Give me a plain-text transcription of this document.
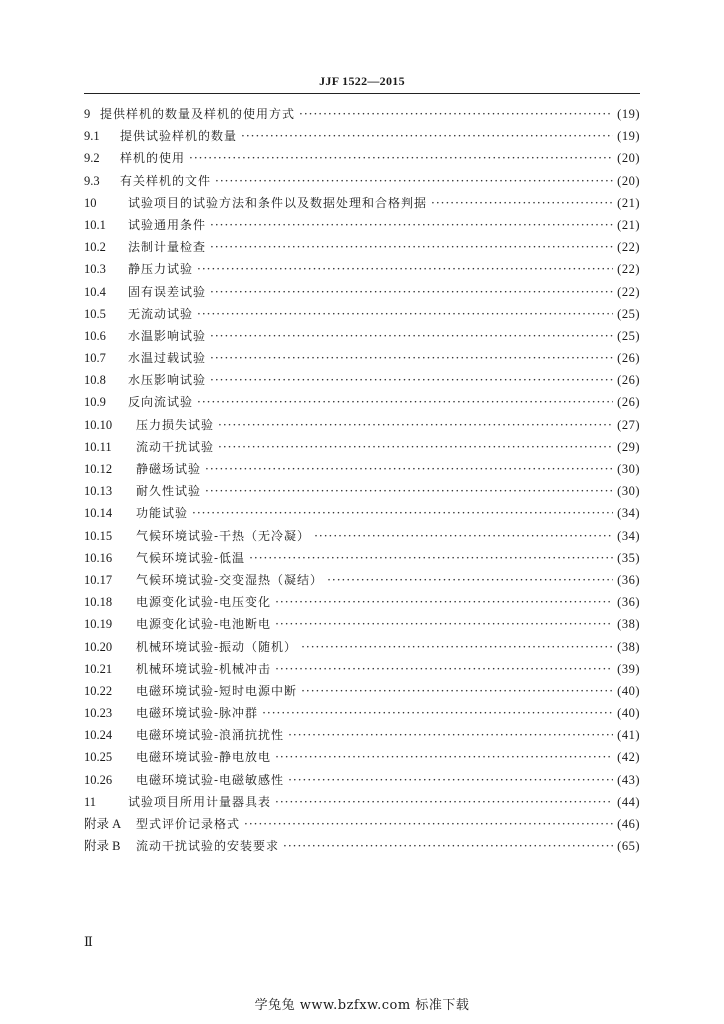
JJF 1522—2015
9 提供样机的数量及样机的使用方式 ·····	(19)
9.1	提供试验样机的数量 ·····	(19)
9.2	样机的使用 ·····	(20)
9.3	有关样机的文件 ·····	(20)
10	试验项目的试验方法和条件以及数据处理和合格判据 ·····	(21)
10.1	试验通用条件 ·····	(21)
10.2	法制计量检查 ·····	(22)
10.3	静压力试验 ·····	(22)
10.4	固有误差试验 ·····	(22)
10.5	无流动试验 ·····	(25)
10.6	水温影响试验 ·····	(25)
10.7	水温过载试验 ·····	(26)
10.8	水压影响试验 ·····	(26)
10.9	反向流试验 ·····	(26)
10.10	压力损失试验 ·····	(27)
10.11	流动干扰试验 ·····	(29)
10.12	静磁场试验 ·····	(30)
10.13	耐久性试验 ·····	(30)
10.14	功能试验 ·····	(34)
10.15	气候环境试验-干热（无冷凝） ·····	(34)
10.16	气候环境试验-低温 ·····	(35)
10.17	气候环境试验-交变湿热（凝结） ·····	(36)
10.18	电源变化试验-电压变化 ·····	(36)
10.19	电源变化试验-电池断电 ·····	(38)
10.20	机械环境试验-振动（随机） ·····	(38)
10.21	机械环境试验-机械冲击 ·····	(39)
10.22	电磁环境试验-短时电源中断 ·····	(40)
10.23	电磁环境试验-脉冲群 ·····	(40)
10.24	电磁环境试验-浪涌抗扰性 ·····	(41)
10.25	电磁环境试验-静电放电 ·····	(42)
10.26	电磁环境试验-电磁敏感性 ·····	(43)
11	试验项目所用计量器具表 ·····	(44)
附录 A	型式评价记录格式 ·····	(46)
附录 B	流动干扰试验的安装要求 ·····	(65)
Ⅱ
学兔兔 www.bzfxw.com 标准下载
